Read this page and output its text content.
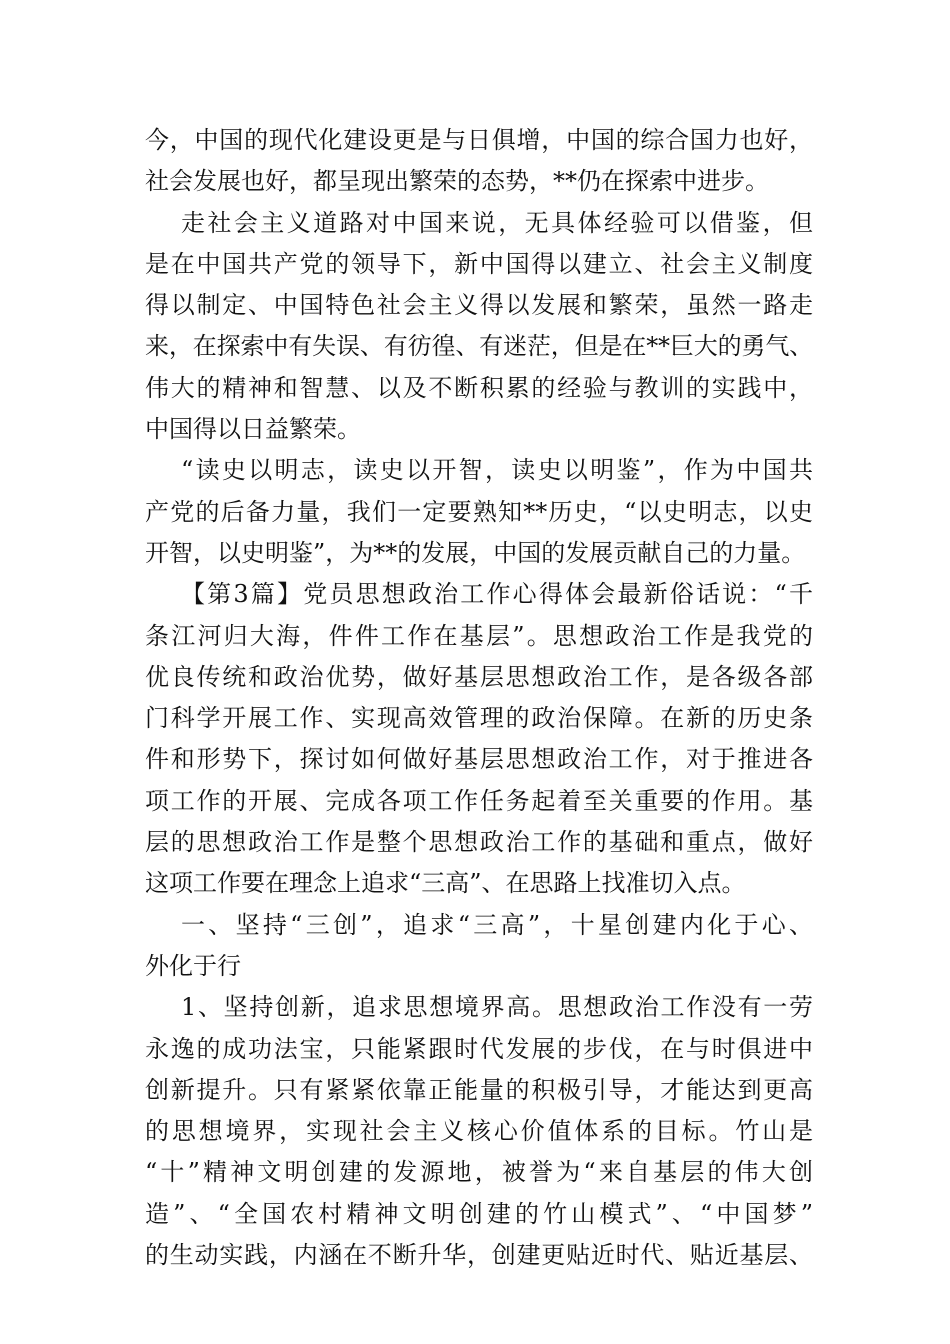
今，中国的现代化建设更是与日俱增，中国的综合国力也好，
社会发展也好，都呈现出繁荣的态势，**仍在探索中进步。
走社会主义道路对中国来说，无具体经验可以借鉴，但
是在中国共产党的领导下，新中国得以建立、社会主义制度
得以制定、中国特色社会主义得以发展和繁荣，虽然一路走
来，在探索中有失误、有彷徨、有迷茫，但是在**巨大的勇气、
伟大的精神和智慧、以及不断积累的经验与教训的实践中，
中国得以日益繁荣。
“读史以明志，读史以开智，读史以明鉴”，作为中国共
产党的后备力量，我们一定要熟知**历史，“以史明志，以史
开智，以史明鉴”，为**的发展，中国的发展贡献自己的力量。
【第3篇】党员思想政治工作心得体会最新俗话说：“千
条江河归大海，件件工作在基层”。思想政治工作是我党的
优良传统和政治优势，做好基层思想政治工作，是各级各部
门科学开展工作、实现高效管理的政治保障。在新的历史条
件和形势下，探讨如何做好基层思想政治工作，对于推进各
项工作的开展、完成各项工作任务起着至关重要的作用。基
层的思想政治工作是整个思想政治工作的基础和重点，做好
这项工作要在理念上追求“三高”、在思路上找准切入点。
一、坚持“三创”，追求“三高”，十星创建内化于心、
外化于行
1、坚持创新，追求思想境界高。思想政治工作没有一劳
永逸的成功法宝，只能紧跟时代发展的步伐，在与时俱进中
创新提升。只有紧紧依靠正能量的积极引导，才能达到更高
的思想境界，实现社会主义核心价值体系的目标。竹山是
“十”精神文明创建的发源地，被誉为“来自基层的伟大创
造”、“全国农村精神文明创建的竹山模式”、“中国梦”
的生动实践，内涵在不断升华，创建更贴近时代、贴近基层、
